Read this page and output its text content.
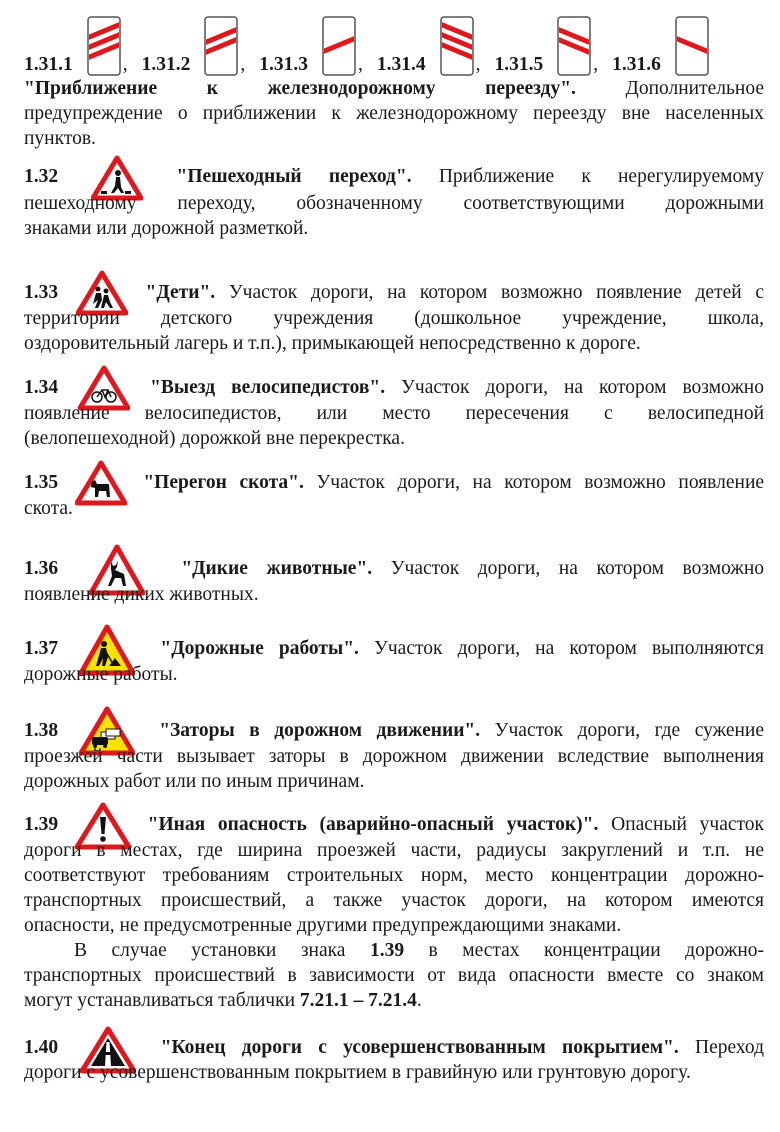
1.31.1	, 1.31.2	, 1.31.3	, 1.31.4	, 1.31.5	, 1.31.6

"Приближение к железнодорожному переезду".	Дополнительное

предупреждение о приближении к железнодорожному переезду вне населенных

пунктов.

1.32	"Пешеходный переход". Приближение к нерегулируемому

пешеходному переходу, обозначенному соответствующими дорожными

знаками или дорожной разметкой.

1.33	"Дети". Участок дороги, на котором возможно появление детей с

территории детского учреждения (дошкольное учреждение, школа,

оздоровительный лагерь и т.п.), примыкающей непосредственно к дороге.

1.34	"Выезд велосипедистов". Участок дороги, на котором возможно

появление велосипедистов, или место пересечения с велосипедной

(велопешеходной) дорожкой вне перекрестка.

1.35	"Перегон скота". Участок дороги, на котором возможно появление

скота.

1.36	"Дикие животные". Участок дороги, на котором возможно

появление диких животных.

1.37	"Дорожные работы". Участок дороги, на котором выполняются

дорожные работы.

1.38	"Заторы в дорожном движении". Участок дороги, где сужение

проезжей части вызывает заторы в дорожном движении вследствие выполнения

дорожных работ или по иным причинам.

1.39	"Иная опасность (аварийно-опасный участок)". Опасный участок

дороги в местах, где ширина проезжей части, радиусы закруглений и т.п. не

соответствуют требованиям строительных норм, место концентрации дорожно-

транспортных происшествий, а также участок дороги, на котором имеются

опасности, не предусмотренные другими предупреждающими знаками.

В случае установки знака 1.39 в местах концентрации дорожно-

транспортных происшествий в зависимости от вида опасности вместе со знаком

могут устанавливаться таблички 7.21.1 – 7.21.4.

1.40	"Конец дороги с усовершенствованным покрытием". Переход

дороги с усовершенствованным покрытием в гравийную или грунтовую дорогу.
